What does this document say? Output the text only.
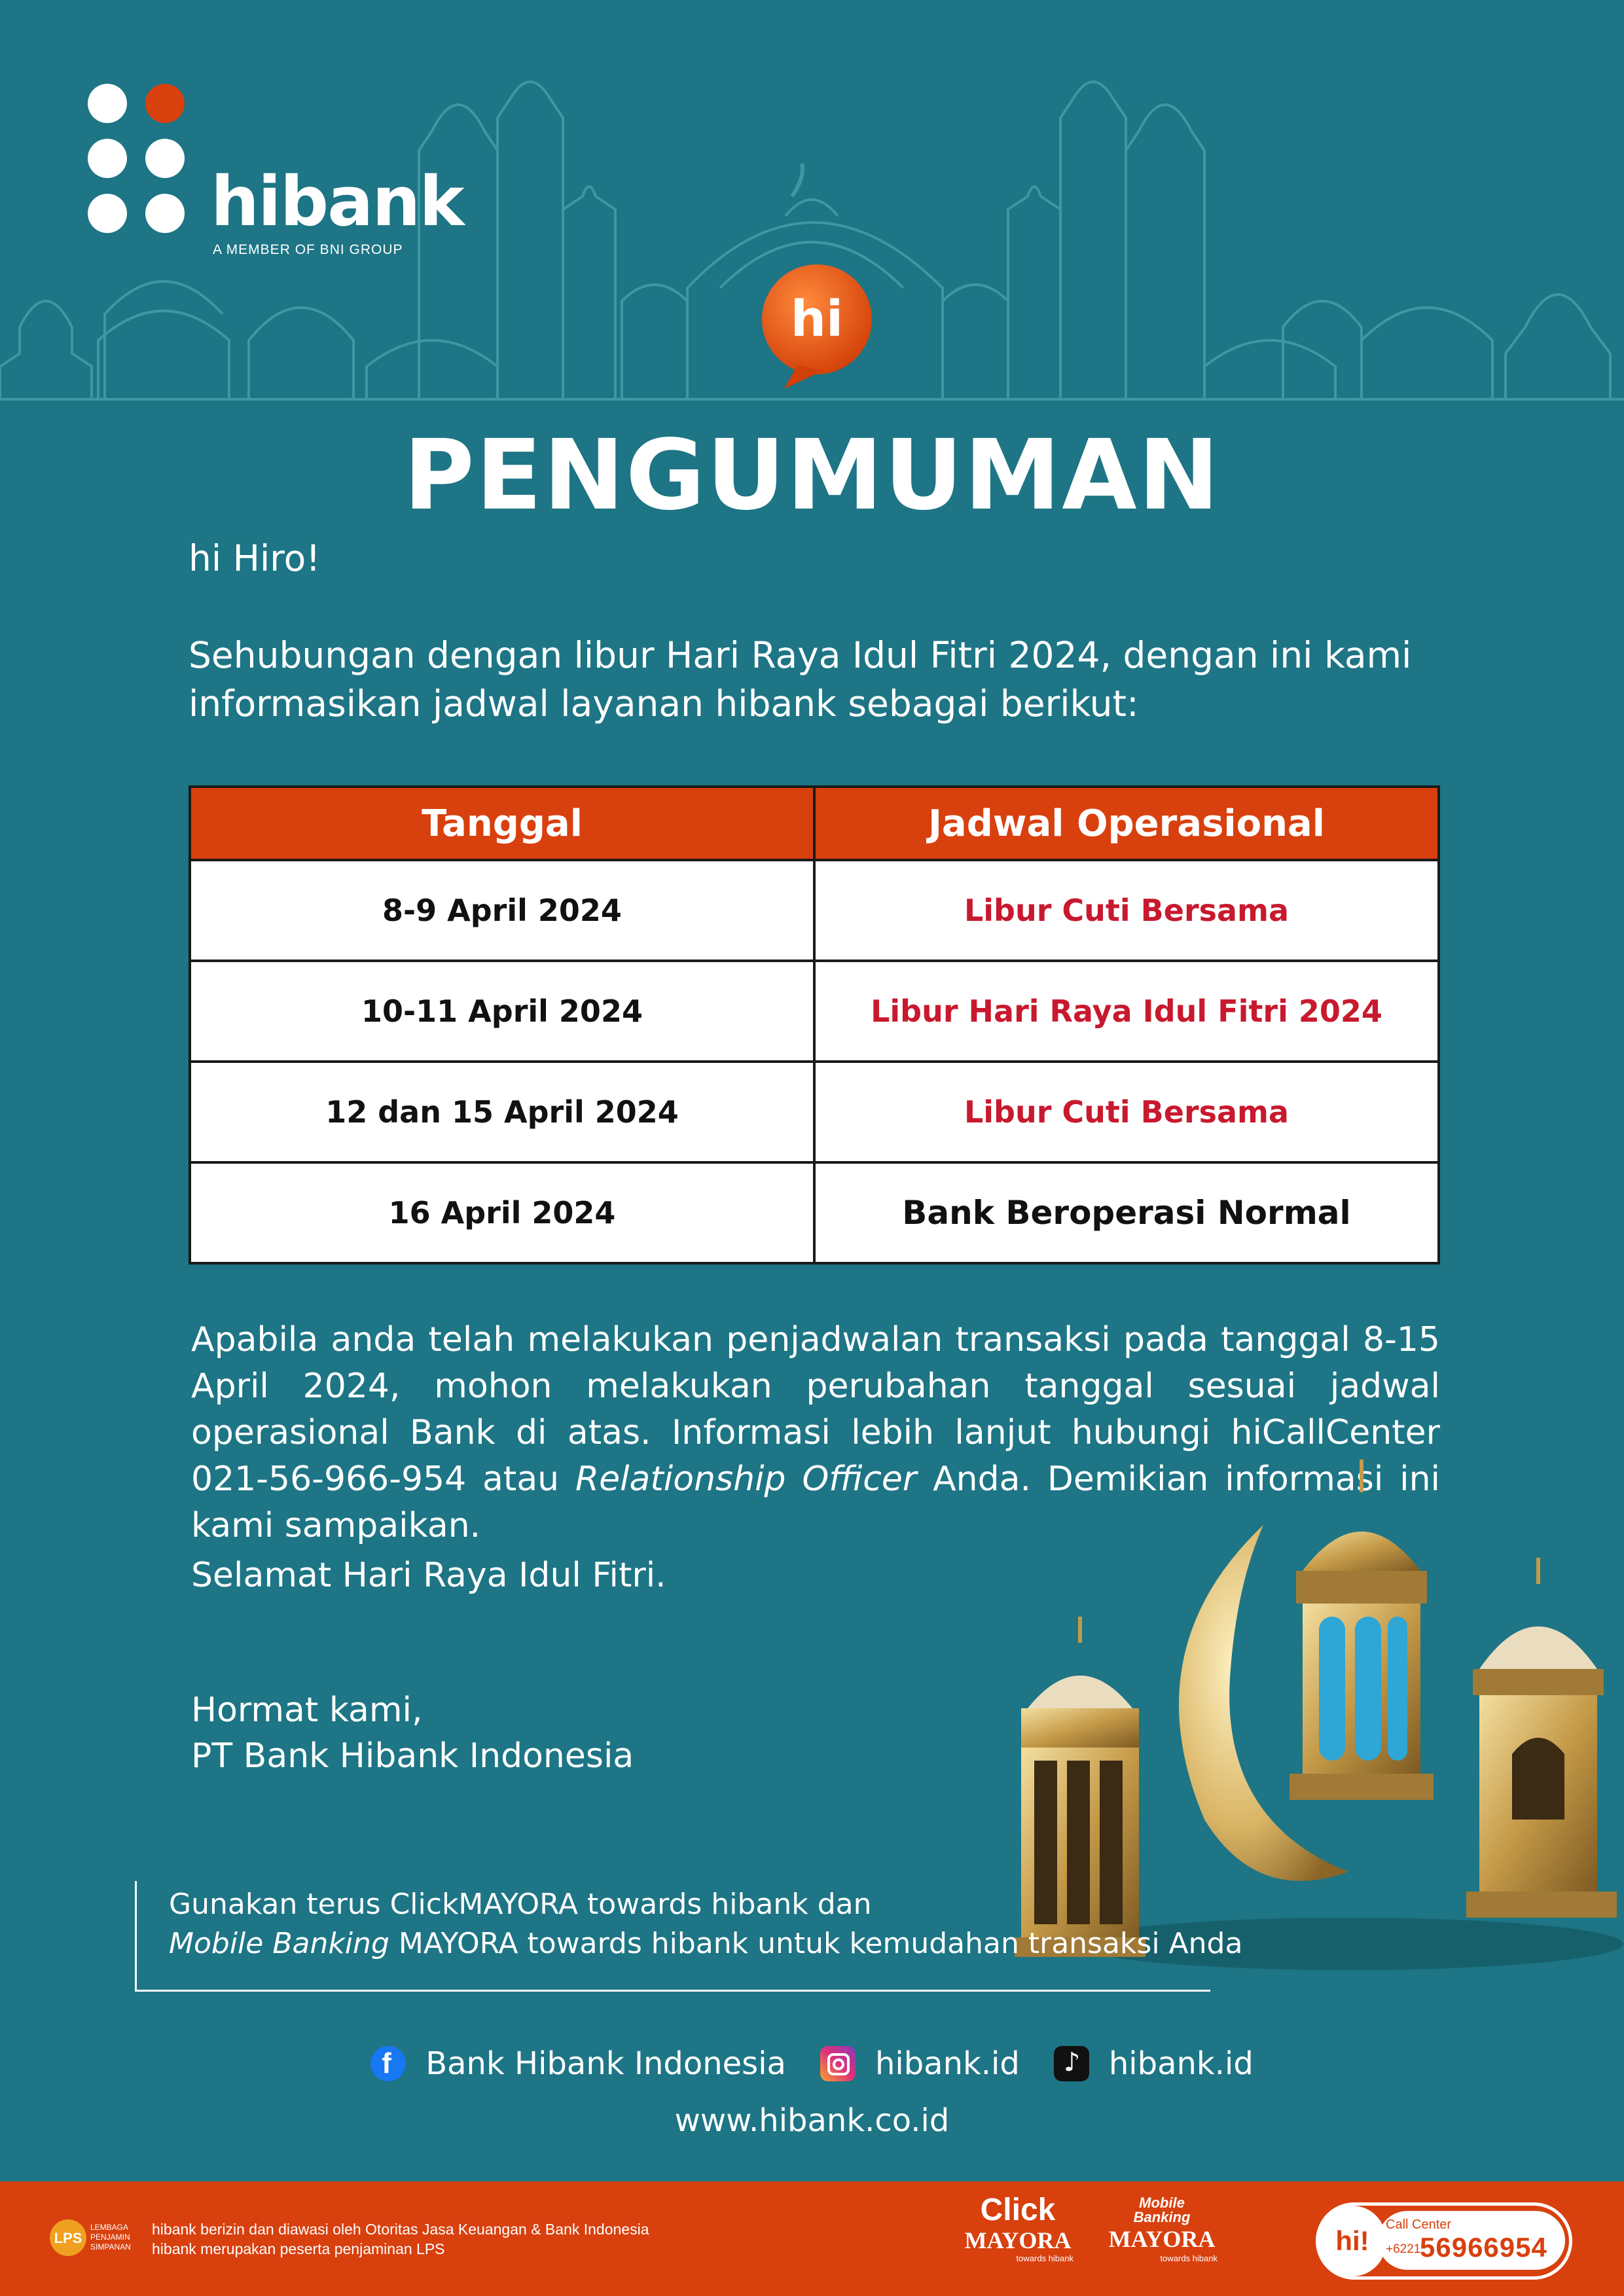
hibank
A MEMBER OF BNI GROUP
hi
PENGUMUMAN
hi Hiro!
Sehubungan dengan libur Hari Raya Idul Fitri 2024, dengan ini kami informasikan jadwal layanan hibank sebagai berikut:
Tanggal	Jadwal Operasional
8-9 April 2024	Libur Cuti Bersama
10-11 April 2024	Libur Hari Raya Idul Fitri 2024
12 dan 15 April 2024	Libur Cuti Bersama
16 April 2024	Bank Beroperasi Normal
Apabila anda telah melakukan penjadwalan transaksi pada tanggal 8-15 April 2024, mohon melakukan perubahan tanggal sesuai jadwal operasional Bank di atas. Informasi lebih lanjut hubungi hiCallCenter 021-56-966-954 atau Relationship Officer Anda. Demikian informasi ini kami sampaikan.
Selamat Hari Raya Idul Fitri.
Hormat kami,
PT Bank Hibank Indonesia
Gunakan terus ClickMAYORA towards hibank dan
Mobile Banking MAYORA towards hibank untuk kemudahan transaksi Anda
f Bank Hibank Indonesia	hibank.id ♪ hibank.id
www.hibank.co.id
LPS
LEMBAGA
PENJAMIN
SIMPANAN
hibank berizin dan diawasi oleh Otoritas Jasa Keuangan & Bank Indonesia
hibank merupakan peserta penjaminan LPS
Click
MAYORA
towards hibank
Mobile
Banking
MAYORA
towards hibank
hi!
Call Center
+6221
56966954
